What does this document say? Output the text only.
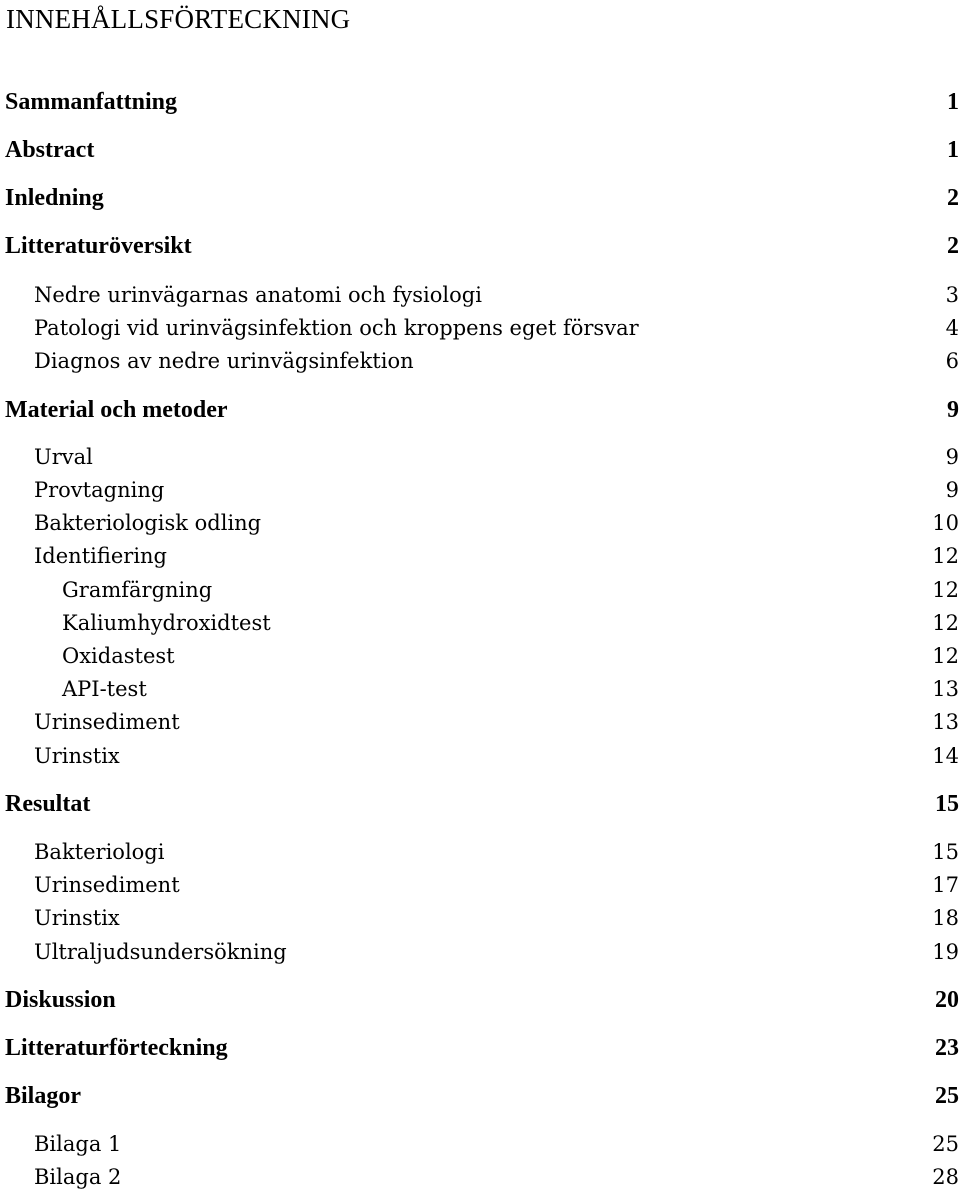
INNEHÅLLSFÖRTECKNING
Sammanfattning	1
Abstract	1
Inledning	2
Litteraturöversikt	2
Nedre urinvägarnas anatomi och fysiologi	3
Patologi vid urinvägsinfektion och kroppens eget försvar	4
Diagnos av nedre urinvägsinfektion	6
Material och metoder	9
Urval	9
Provtagning	9
Bakteriologisk odling	10
Identifiering	12
Gramfärgning	12
Kaliumhydroxidtest	12
Oxidastest	12
API-test	13
Urinsediment	13
Urinstix	14
Resultat	15
Bakteriologi	15
Urinsediment	17
Urinstix	18
Ultraljudsundersökning	19
Diskussion	20
Litteraturförteckning	23
Bilagor	25
Bilaga 1	25
Bilaga 2	28
